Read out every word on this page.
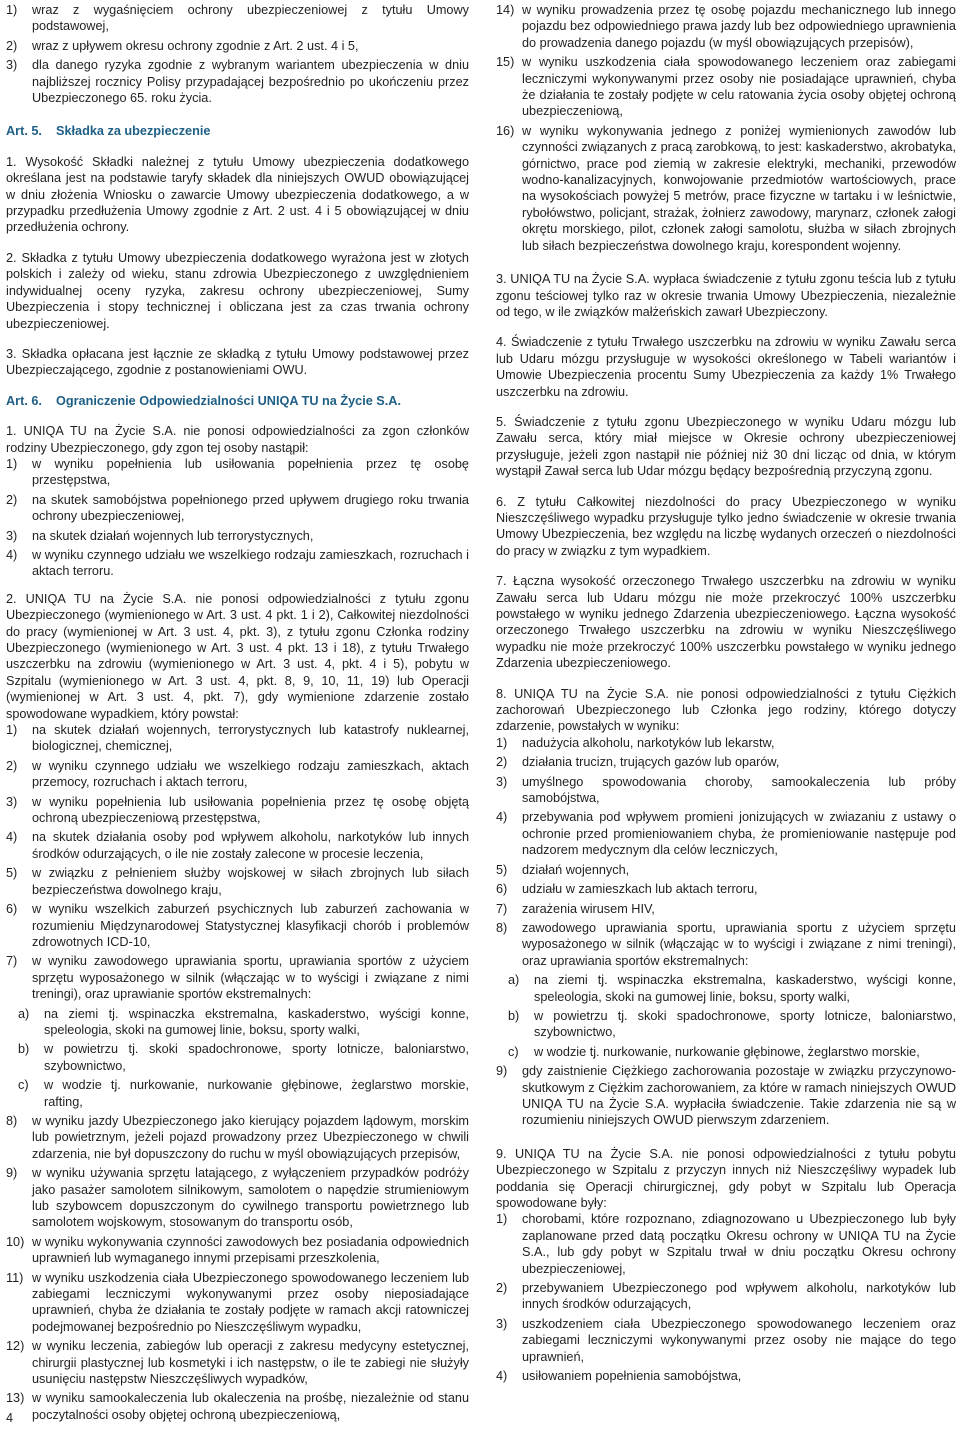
1) wraz z wygaśnięciem ochrony ubezpieczeniowej z tytułu Umowy podstawowej,
2) wraz z upływem okresu ochrony zgodnie z Art. 2 ust. 4 i 5,
3) dla danego ryzyka zgodnie z wybranym wariantem ubezpieczenia w dniu najbliższej rocznicy Polisy przypadającej bezpośrednio po ukończeniu przez Ubezpieczonego 65. roku życia.
Art. 5. Składka za ubezpieczenie

1. Wysokość Składki należnej z tytułu Umowy ubezpieczenia dodatkowego określana jest na podstawie taryfy składek dla niniejszych OWUD obowiązującej w dniu złożenia Wniosku o zawarcie Umowy ubezpieczenia dodatkowego, a w przypadku przedłużenia Umowy zgodnie z Art. 2 ust. 4 i 5 obowiązującej w dniu przedłużenia ochrony.

2. Składka z tytułu Umowy ubezpieczenia dodatkowego wyrażona jest w złotych polskich i zależy od wieku, stanu zdrowia Ubezpieczonego z uwzględnieniem indywidualnej oceny ryzyka, zakresu ochrony ubezpieczeniowej, Sumy Ubezpieczenia i stopy technicznej i obliczana jest za czas trwania ochrony ubezpieczeniowej.

3. Składka opłacana jest łącznie ze składką z tytułu Umowy podstawowej przez Ubezpieczającego, zgodnie z postanowieniami OWU.

Art. 6. Ograniczenie Odpowiedzialności UNIQA TU na Życie S.A.

1. UNIQA TU na Życie S.A. nie ponosi odpowiedzialności za zgon członków rodziny Ubezpieczonego, gdy zgon tej osoby nastąpił:

1) w wyniku popełnienia lub usiłowania popełnienia przez tę osobę przestępstwa,
2) na skutek samobójstwa popełnionego przed upływem drugiego roku trwania ochrony ubezpieczeniowej,
3) na skutek działań wojennych lub terrorystycznych,
4) w wyniku czynnego udziału we wszelkiego rodzaju zamieszkach, rozruchach i aktach terroru.

2. UNIQA TU na Życie S.A. nie ponosi odpowiedzialności z tytułu zgonu Ubezpieczonego (wymienionego w Art. 3 ust. 4 pkt. 1 i 2), Całkowitej niezdolności do pracy (wymienionej w Art. 3 ust. 4, pkt. 3), z tytułu zgonu Członka rodziny Ubezpieczonego (wymienionego w Art. 3 ust. 4 pkt. 13 i 18), z tytułu Trwałego uszczerbku na zdrowiu (wymienionego w Art. 3 ust. 4, pkt. 4 i 5), pobytu w Szpitalu (wymienionego w Art. 3 ust. 4, pkt. 8, 9, 10, 11, 19) lub Operacji (wymienionej w Art. 3 ust. 4, pkt. 7), gdy wymienione zdarzenie zostało spowodowane wypadkiem, który powstał:

1) na skutek działań wojennych, terrorystycznych lub katastrofy nuklearnej, biologicznej, chemicznej,
2) w wyniku czynnego udziału we wszelkiego rodzaju zamieszkach, aktach przemocy, rozruchach i aktach terroru,
3) w wyniku popełnienia lub usiłowania popełnienia przez tę osobę objętą ochroną ubezpieczeniową przestępstwa,
4) na skutek działania osoby pod wpływem alkoholu, narkotyków lub innych środków odurzających, o ile nie zostały zalecone w procesie leczenia,
5) w związku z pełnieniem służby wojskowej w siłach zbrojnych lub siłach bezpieczeństwa dowolnego kraju,
6) w wyniku wszelkich zaburzeń psychicznych lub zaburzeń zachowania w rozumieniu Międzynarodowej Statystycznej klasyfikacji chorób i problemów zdrowotnych ICD-10,
7) w wyniku zawodowego uprawiania sportu, uprawiania sportów z użyciem sprzętu wyposażonego w silnik (włączając w to wyścigi i związane z nimi treningi), oraz uprawianie sportów ekstremalnych:
a) na ziemi tj. wspinaczka ekstremalna, kaskaderstwo, wyścigi konne, speleologia, skoki na gumowej linie, boksu, sporty walki,
b) w powietrzu tj. skoki spadochronowe, sporty lotnicze, baloniarstwo, szybownictwo,
c) w wodzie tj. nurkowanie, nurkowanie głębinowe, żeglarstwo morskie, rafting,
8) w wyniku jazdy Ubezpieczonego jako kierujący pojazdem lądowym, morskim lub powietrznym, jeżeli pojazd prowadzony przez Ubezpieczonego w chwili zdarzenia, nie był dopuszczony do ruchu w myśl obowiązujących przepisów,
9) w wyniku używania sprzętu latającego, z wyłączeniem przypadków podróży jako pasażer samolotem silnikowym, samolotem o napędzie strumieniowym lub szybowcem dopuszczonym do cywilnego transportu powietrznego lub samolotem wojskowym, stosowanym do transportu osób,
10) w wyniku wykonywania czynności zawodowych bez posiadania odpowiednich uprawnień lub wymaganego innymi przepisami przeszkolenia,
11) w wyniku uszkodzenia ciała Ubezpieczonego spowodowanego leczeniem lub zabiegami leczniczymi wykonywanymi przez osoby nieposiadające uprawnień, chyba że działania te zostały podjęte w ramach akcji ratowniczej podejmowanej bezpośrednio po Nieszczęśliwym wypadku,
12) w wyniku leczenia, zabiegów lub operacji z zakresu medycyny estetycznej, chirurgii plastycznej lub kosmetyki i ich następstw, o ile te zabiegi nie służyły usunięciu następstw Nieszczęśliwych wypadków,
13) w wyniku samookaleczenia lub okaleczenia na prośbę, niezależnie od stanu poczytalności osoby objętej ochroną ubezpieczeniową,
14) w wyniku prowadzenia przez tę osobę pojazdu mechanicznego lub innego pojazdu bez odpowiedniego prawa jazdy lub bez odpowiedniego uprawnienia do prowadzenia danego pojazdu (w myśl obowiązujących przepisów),
15) w wyniku uszkodzenia ciała spowodowanego leczeniem oraz zabiegami leczniczymi wykonywanymi przez osoby nie posiadające uprawnień, chyba że działania te zostały podjęte w celu ratowania życia osoby objętej ochroną ubezpieczeniową,
16) w wyniku wykonywania jednego z poniżej wymienionych zawodów lub czynności związanych z pracą zarobkową, to jest: kaskaderstwo, akrobatyka, górnictwo, prace pod ziemią w zakresie elektryki, mechaniki, przewodów wodno-kanalizacyjnych, konwojowanie przedmiotów wartościowych, prace na wysokościach powyżej 5 metrów, prace fizyczne w tartaku i w leśnictwie, rybołówstwo, policjant, strażak, żołnierz zawodowy, marynarz, członek załogi okrętu morskiego, pilot, członek załogi samolotu, służba w siłach zbrojnych lub siłach bezpieczeństwa dowolnego kraju, korespondent wojenny.

3. UNIQA TU na Życie S.A. wypłaca świadczenie z tytułu zgonu teścia lub z tytułu zgonu teściowej tylko raz w okresie trwania Umowy Ubezpieczenia, niezależnie od tego, w ile związków małżeńskich zawarł Ubezpieczony.

4. Świadczenie z tytułu Trwałego uszczerbku na zdrowiu w wyniku Zawału serca lub Udaru mózgu przysługuje w wysokości określonego w Tabeli wariantów i Umowie Ubezpieczenia procentu Sumy Ubezpieczenia za każdy 1% Trwałego uszczerbku na zdrowiu.

5. Świadczenie z tytułu zgonu Ubezpieczonego w wyniku Udaru mózgu lub Zawału serca, który miał miejsce w Okresie ochrony ubezpieczeniowej przysługuje, jeżeli zgon nastąpił nie później niż 30 dni licząc od dnia, w którym wystąpił Zawał serca lub Udar mózgu będący bezpośrednią przyczyną zgonu.

6. Z tytułu Całkowitej niezdolności do pracy Ubezpieczonego w wyniku Nieszczęśliwego wypadku przysługuje tylko jedno świadczenie w okresie trwania Umowy Ubezpieczenia, bez względu na liczbę wydanych orzeczeń o niezdolności do pracy w związku z tym wypadkiem.

7. Łączna wysokość orzeczonego Trwałego uszczerbku na zdrowiu w wyniku Zawału serca lub Udaru mózgu nie może przekroczyć 100% uszczerbku powstałego w wyniku jednego Zdarzenia ubezpieczeniowego. Łączna wysokość orzeczonego Trwałego uszczerbku na zdrowiu w wyniku Nieszczęśliwego wypadku nie może przekroczyć 100% uszczerbku powstałego w wyniku jednego Zdarzenia ubezpieczeniowego.

8. UNIQA TU na Życie S.A. nie ponosi odpowiedzialności z tytułu Ciężkich zachorowań Ubezpieczonego lub Członka jego rodziny, którego dotyczy zdarzenie, powstałych w wyniku:

1) nadużycia alkoholu, narkotyków lub lekarstw,
2) działania trucizn, trujących gazów lub oparów,
3) umyślnego spowodowania choroby, samookaleczenia lub próby samobójstwa,
4) przebywania pod wpływem promieni jonizujących w zwiazaniu z ustawy o ochronie przed promieniowaniem chyba, że promieniowanie następuje pod nadzorem medycznym dla celów leczniczych,
5) działań wojennych,
6) udziału w zamieszkach lub aktach terroru,
7) zarażenia wirusem HIV,
8) zawodowego uprawiania sportu, uprawiania sportu z użyciem sprzętu wyposażonego w silnik (włączając w to wyścigi i związane z nimi treningi), oraz uprawiania sportów ekstremalnych:
a) na ziemi tj. wspinaczka ekstremalna, kaskaderstwo, wyścigi konne, speleologia, skoki na gumowej linie, boksu, sporty walki,
b) w powietrzu tj. skoki spadochronowe, sporty lotnicze, baloniarstwo, szybownictwo,
c) w wodzie tj. nurkowanie, nurkowanie głębinowe, żeglarstwo morskie,
9) gdy zaistnienie Ciężkiego zachorowania pozostaje w związku przyczynowo-skutkowym z Ciężkim zachorowaniem, za które w ramach niniejszych OWUD UNIQA TU na Życie S.A. wypłaciła świadczenie. Takie zdarzenia nie są w rozumieniu niniejszych OWUD pierwszym zdarzeniem.

9. UNIQA TU na Życie S.A. nie ponosi odpowiedzialności z tytułu pobytu Ubezpieczonego w Szpitalu z przyczyn innych niż Nieszczęśliwy wypadek lub poddania się Operacji chirurgicznej, gdy pobyt w Szpitalu lub Operacja spowodowane były:

1) chorobami, które rozpoznano, zdiagnozowano u Ubezpieczonego lub były zaplanowane przed datą początku Okresu ochrony w UNIQA TU na Życie S.A., lub gdy pobyt w Szpitalu trwał w dniu początku Okresu ochrony ubezpieczeniowej,
2) przebywaniem Ubezpieczonego pod wpływem alkoholu, narkotyków lub innych środków odurzających,
3) uszkodzeniem ciała Ubezpieczonego spowodowanego leczeniem oraz zabiegami leczniczymi wykonywanymi przez osoby nie mające do tego uprawnień,
4) usiłowaniem popełnienia samobójstwa,
4
